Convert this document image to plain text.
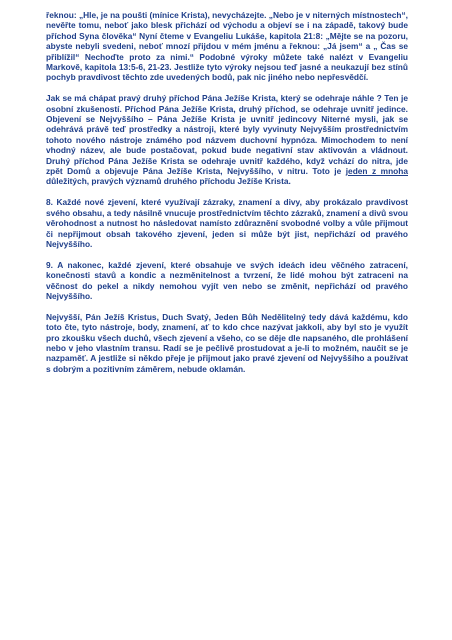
řeknou: „Hle, je na poušti (mínice Krista), nevycházejte. „Nebo je v niterných místnostech“, nevěřte tomu, neboť jako blesk přichází od východu a objeví se i na západě, takový bude příchod Syna člověka“ Nyní čteme v Evangeliu Lukáše, kapitola 21:8: „Mějte se na pozoru, abyste nebyli svedeni, neboť mnozí přijdou v mém jménu a řeknou: „Já jsem“ a „ Čas se přiblížil“ Nechoďte proto za nimi.“ Podobné výroky můžete také nalézt v Evangeliu Markově, kapitola 13:5-6, 21-23. Jestliže tyto výroky nejsou teď jasné a neukazují bez stínů pochyb pravdivost těchto zde uvedených bodů, pak nic jiného nebo nepřesvědčí.

Jak se má chápat pravý druhý příchod Pána Ježíše Krista, který se odehraje náhle ? Ten je osobní zkušeností. Příchod Pána Ježíše Krista, druhý příchod, se odehraje uvnitř jedince. Objevení se Nejvyššího – Pána Ježíše Krista je uvnitř jedincovy Niterné mysli, jak se odehrává právě teď prostředky a nástroji, které byly vyvinuty Nejvyšším prostřednictvím tohoto nového nástroje známého pod názvem duchovní hypnóza. Mimochodem to není vhodný název, ale bude postačovat, pokud bude negativní stav aktivován a vládnout. Druhý příchod Pána Ježíše Krista se odehraje uvnitř každého, když vchází do nitra, jde zpět Domů a objevuje Pána Ježíše Krista, Nejvyššího, v nitru. Toto je jeden z mnoha důležitých, pravých významů druhého příchodu Ježíše Krista.

8. Každé nové zjevení, které využívají zázraky, znamení a divy, aby prokázalo pravdivost svého obsahu, a tedy násilně vnucuje prostřednictvím těchto zázraků, znamení a divů svou věrohodnost a nutnost ho následovat namísto zdůraznění svobodné volby a vůle přijmout či nepřijmout obsah takového zjevení, jeden si může být jist, nepřichází od pravého Nejvyššího.

9. A nakonec, každé zjevení, které obsahuje ve svých ideách ideu věčného zatracení, konečnosti stavů a kondic a nezměnitelnost a tvrzení, že lidé mohou být zatraceni na věčnost do pekel a nikdy nemohou vyjít ven nebo se změnit, nepřichází od pravého Nejvyššího.

Nejvyšší, Pán Ježíš Kristus, Duch Svatý, Jeden Bůh Nedělitelný tedy dává každému, kdo toto čte, tyto nástroje, body, znamení, ať to kdo chce nazývat jakkoli, aby byl sto je využít pro zkoušku všech duchů, všech zjevení a všeho, co se děje dle napsaného, dle prohlášení nebo v jeho vlastním transu. Radí se je pečlivě prostudovat a je-li to možném, naučit se je nazpaměť. A jestliže si někdo přeje je přijmout jako pravé zjevení od Nejvyššího a používat s dobrým a pozitivním záměrem, nebude oklamán.
